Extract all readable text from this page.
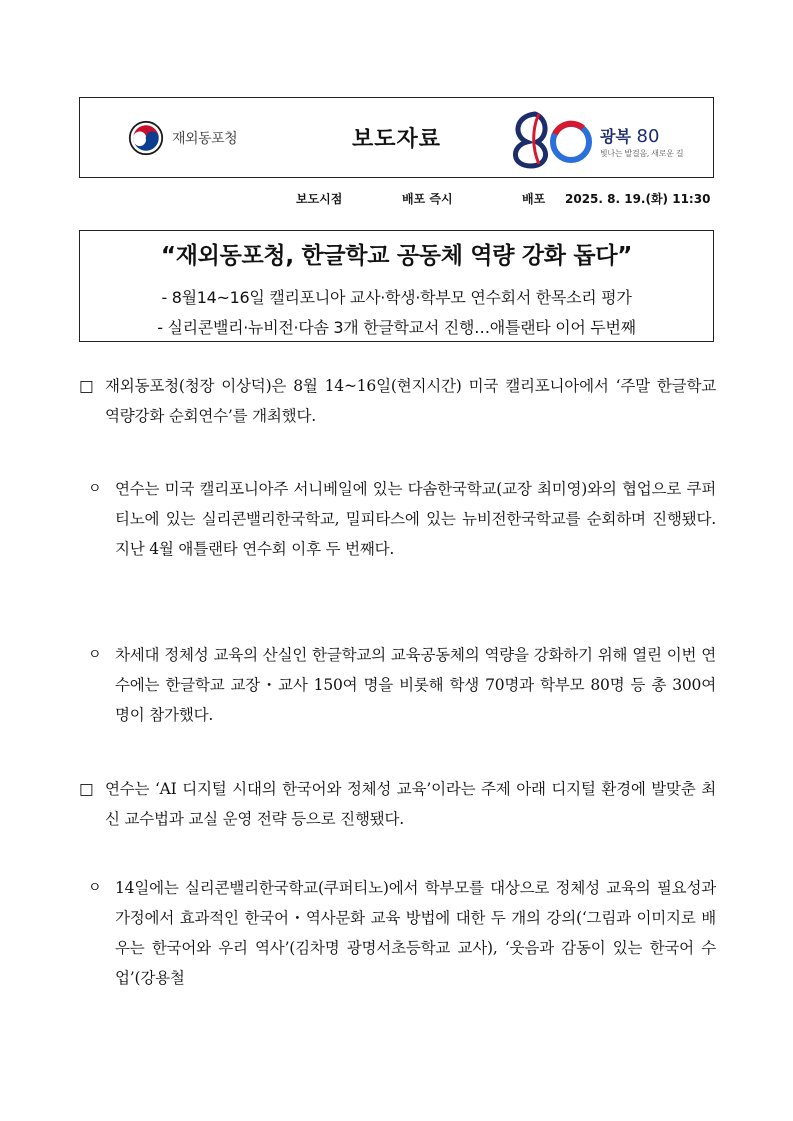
재외동포청	보도자료	광복 80
빛나는 발걸음, 새로운 길
보도시점	배포 즉시	배포 2025. 8. 19.(화) 11:30
“재외동포청, 한글학교 공동체 역량 강화 돕다”
- 8월14~16일 캘리포니아 교사·학생·학부모 연수회서 한목소리 평가
- 실리콘밸리·뉴비전·다솜 3개 한글학교서 진행…애틀랜타 이어 두번째
□ 재외동포청(청장 이상덕)은 8월 14~16일(현지시간) 미국 캘리포니아에서 ‘주말 한글학교 역량강화 순회연수’를 개최했다.
ㅇ 연수는 미국 캘리포니아주 서니베일에 있는 다솜한국학교(교장 최미영)와의 협업으로 쿠퍼티노에 있는 실리콘밸리한국학교, 밀피타스에 있는 뉴비전한국학교를 순회하며 진행됐다. 지난 4월 애틀랜타 연수회 이후 두 번째다.
ㅇ 차세대 정체성 교육의 산실인 한글학교의 교육공동체의 역량을 강화하기 위해 열린 이번 연수에는 한글학교 교장・교사 150여 명을 비롯해 학생 70명과 학부모 80명 등 총 300여 명이 참가했다.
□ 연수는 ‘AI 디지털 시대의 한국어와 정체성 교육’이라는 주제 아래 디지털 환경에 발맞춘 최신 교수법과 교실 운영 전략 등으로 진행됐다.
ㅇ 14일에는 실리콘밸리한국학교(쿠퍼티노)에서 학부모를 대상으로 정체성 교육의 필요성과 가정에서 효과적인 한국어・역사문화 교육 방법에 대한 두 개의 강의(‘그림과 이미지로 배우는 한국어와 우리 역사’(김차명 광명서초등학교 교사), ‘웃음과 감동이 있는 한국어 수업’(강용철
